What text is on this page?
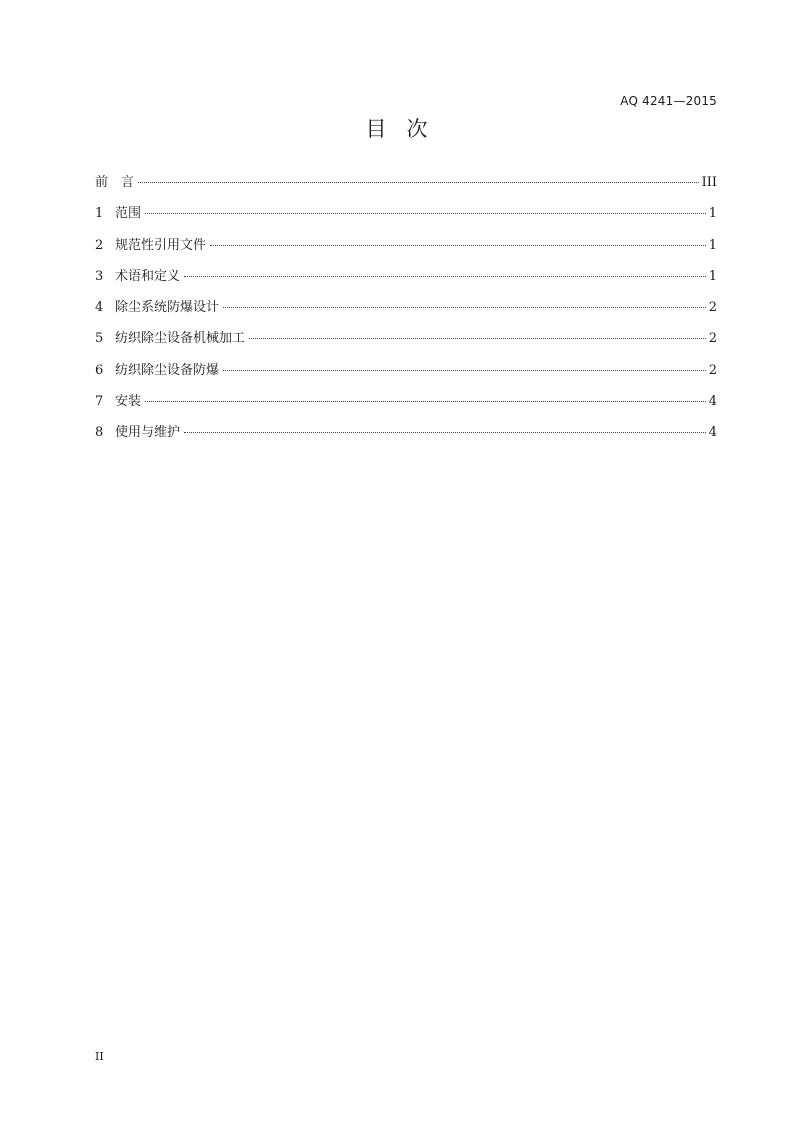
AQ 4241—2015
目 次
前　言	III
1 范围	1
2 规范性引用文件	1
3 术语和定义	1
4 除尘系统防爆设计	2
5 纺织除尘设备机械加工	2
6 纺织除尘设备防爆	2
7 安装	4
8 使用与维护	4
II
